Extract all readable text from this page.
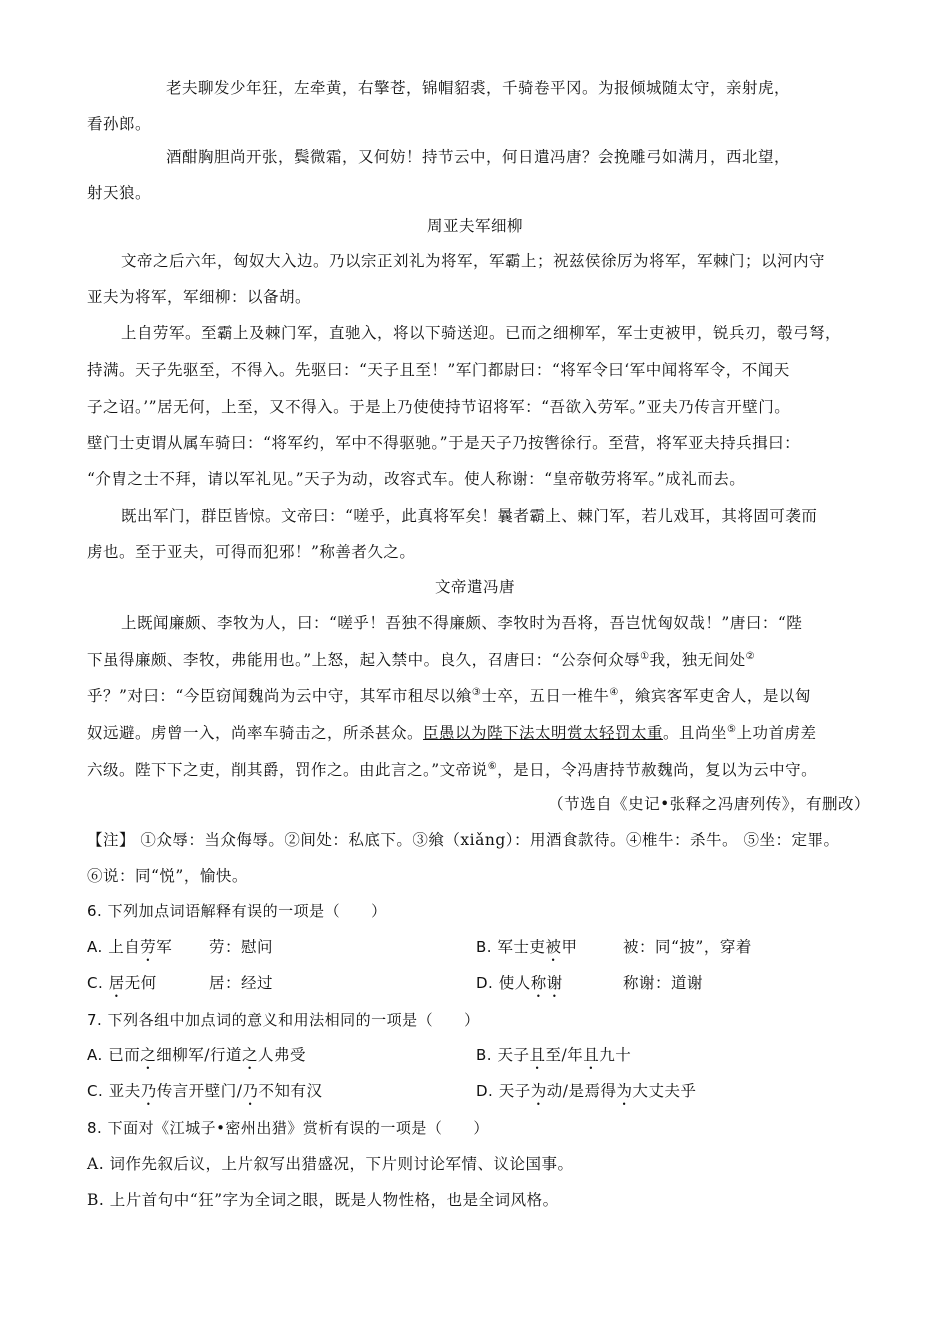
老夫聊发少年狂，左牵黄，右擎苍，锦帽貂裘，千骑卷平冈。为报倾城随太守，亲射虎，
看孙郎。
酒酣胸胆尚开张，鬓微霜，又何妨！持节云中，何日遣冯唐？会挽雕弓如满月，西北望，
射天狼。
周亚夫军细柳
文帝之后六年，匈奴大入边。乃以宗正刘礼为将军，军霸上；祝兹侯徐厉为将军，军棘门；以河内守
亚夫为将军，军细柳：以备胡。
上自劳军。至霸上及棘门军，直驰入，将以下骑送迎。已而之细柳军，军士吏被甲，锐兵刃，彀弓弩，
持满。天子先驱至，不得入。先驱曰：“天子且至！”军门都尉曰：“将军令曰‘军中闻将军令，不闻天
子之诏。’”居无何，上至，又不得入。于是上乃使使持节诏将军：“吾欲入劳军。”亚夫乃传言开壁门。
壁门士吏谓从属车骑曰：“将军约，军中不得驱驰。”于是天子乃按辔徐行。至营，将军亚夫持兵揖曰：
“介胄之士不拜，请以军礼见。”天子为动，改容式车。使人称谢：“皇帝敬劳将军。”成礼而去。
既出军门，群臣皆惊。文帝曰：“嗟乎，此真将军矣！曩者霸上、棘门军，若儿戏耳，其将固可袭而
虏也。至于亚夫，可得而犯邪！”称善者久之。
文帝遣冯唐
上既闻廉颇、李牧为人，曰：“嗟乎！吾独不得廉颇、李牧时为吾将，吾岂忧匈奴哉！”唐曰：“陛
下虽得廉颇、李牧，弗能用也。”上怒，起入禁中。良久，召唐曰：“公奈何众辱①我，独无间处②
乎？”对曰：“今臣窃闻魏尚为云中守，其军市租尽以飨③士卒，五日一椎牛④，飨宾客军吏舍人，是以匈
奴远避。虏曾一入，尚率车骑击之，所杀甚众。臣愚以为陛下法太明赏太轻罚太重。且尚坐⑤上功首虏差
六级。陛下下之吏，削其爵，罚作之。由此言之。”文帝说⑥，是日，令冯唐持节赦魏尚，复以为云中守。
（节选自《史记•张释之冯唐列传》，有删改）
【注】 ①众辱：当众侮辱。②间处：私底下。③飨（xiǎng）：用酒食款待。④椎牛：杀牛。 ⑤坐：定罪。
⑥说：同“悦”，愉快。
6. 下列加点词语解释有误的一项是（　　）
A. 上自劳军 劳：慰问	B. 军士吏被甲	被：同“披”，穿着
C. 居无何	居：经过	D. 使人称谢	称谢：道谢
7. 下列各组中加点词的意义和用法相同的一项是（　　）
A. 已而之细柳军/行道之人弗受	B. 天子且至/年且九十
C. 亚夫乃传言开壁门/乃不知有汉	D. 天子为动/是焉得为大丈夫乎
8. 下面对《江城子•密州出猎》赏析有误的一项是（　　）
A. 词作先叙后议，上片叙写出猎盛况，下片则讨论军情、议论国事。
B. 上片首句中“狂”字为全词之眼，既是人物性格，也是全词风格。
